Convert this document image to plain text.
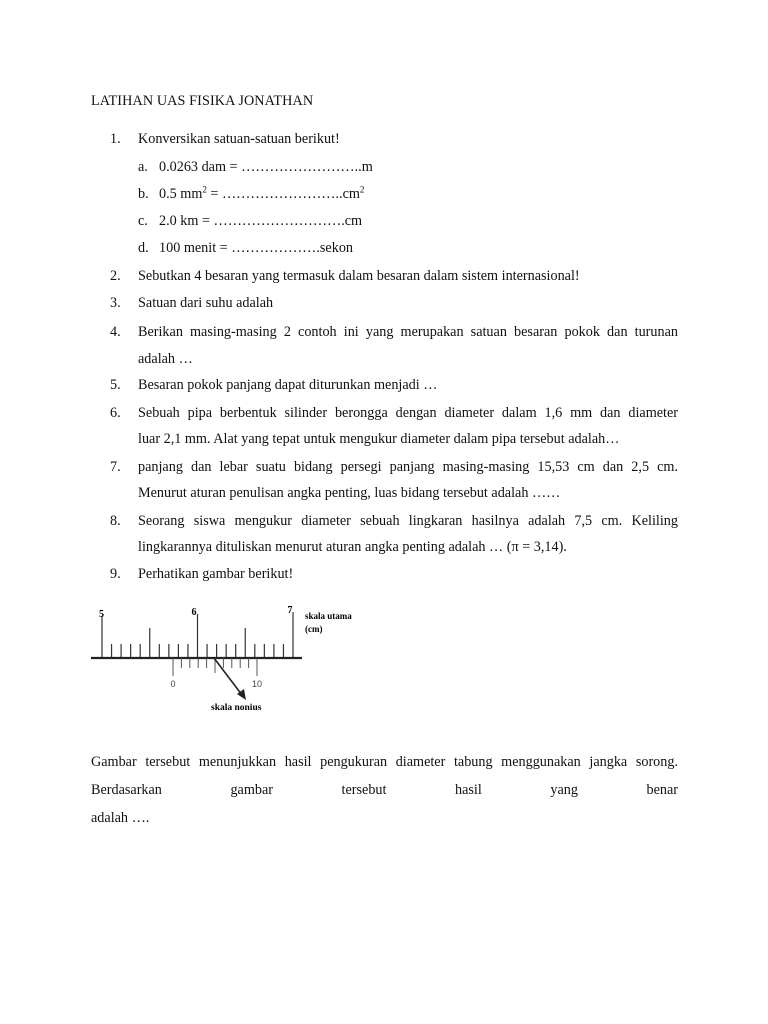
LATIHAN UAS FISIKA JONATHAN
1.	Konversikan satuan-satuan berikut!
a. 0.0263 dam = ……………………..m
b. 0.5 $mm^2$ = $\dots\dots\dots\dots\dots\dots\dots\dots..cm^2$
c. 2.0 km = ……………………….cm
d. 100 menit = ……………….sekon
2.	Sebutkan 4 besaran yang termasuk dalam besaran dalam sistem internasional!
3.	Satuan dari suhu adalah
4.	Berikan masing-masing 2 contoh ini yang merupakan satuan besaran pokok dan turunan
adalah …
5.	Besaran pokok panjang dapat diturunkan menjadi …
6.	Sebuah pipa berbentuk silinder berongga dengan diameter dalam 1,6 mm dan diameter
luar 2,1 mm. Alat yang tepat untuk mengukur diameter dalam pipa tersebut adalah…
7.	panjang dan lebar suatu bidang persegi panjang masing-masing 15,53 cm dan 2,5 cm.
Menurut aturan penulisan angka penting, luas bidang tersebut adalah ……
8.	Seorang siswa mengukur diameter sebuah lingkaran hasilnya adalah 7,5 cm. Keliling
lingkarannya dituliskan menurut aturan angka penting adalah … (π = 3,14).
9.	Perhatikan gambar berikut!
5	6	7
0	10
skala utama
(cm)
skala nonius
Gambar tersebut menunjukkan hasil pengukuran diameter tabung menggunakan jangka sorong.
Berdasarkan gambar tersebut hasil yang benar
adalah ….
